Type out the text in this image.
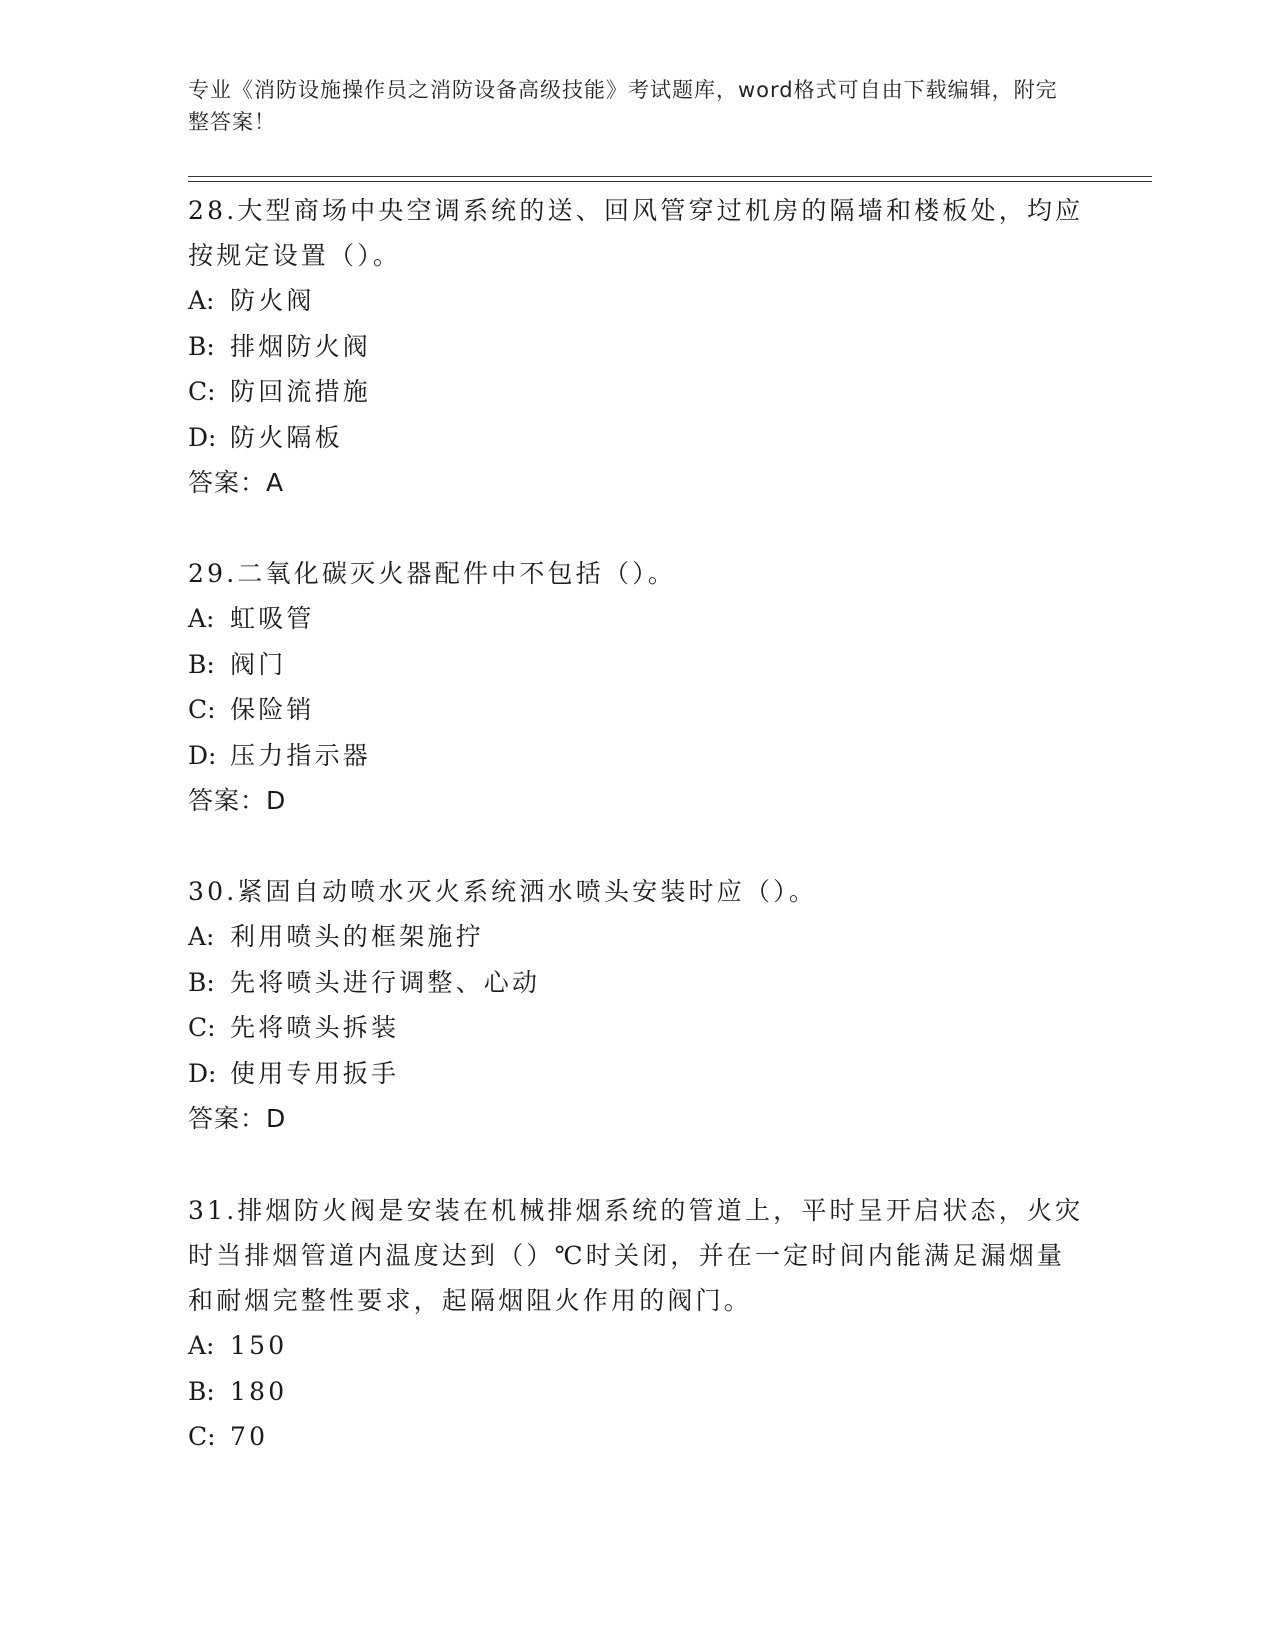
专业《消防设施操作员之消防设备高级技能》考试题库，word格式可自由下载编辑，附完整答案！

28.大型商场中央空调系统的送、回风管穿过机房的隔墙和楼板处，均应按规定设置（）。

A: 防火阀

B: 排烟防火阀

C: 防回流措施

D: 防火隔板

答案：A

29.二氧化碳灭火器配件中不包括（）。

A: 虹吸管

B: 阀门

C: 保险销

D: 压力指示器

答案：D

30.紧固自动喷水灭火系统洒水喷头安装时应（）。

A: 利用喷头的框架施拧

B: 先将喷头进行调整、心动

C: 先将喷头拆装

D: 使用专用扳手

答案：D

31.排烟防火阀是安装在机械排烟系统的管道上，平时呈开启状态，火灾时当排烟管道内温度达到（）℃时关闭，并在一定时间内能满足漏烟量和耐烟完整性要求，起隔烟阻火作用的阀门。

A: 150

B: 180

C: 70
